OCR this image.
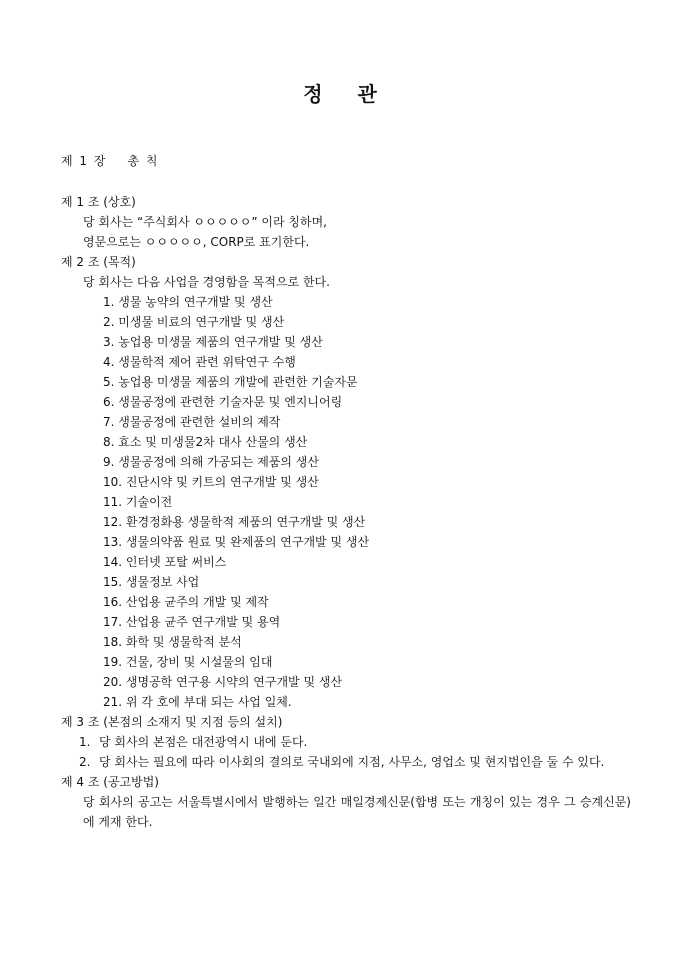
정 관
제 1 장 총 칙
제 1 조 (상호)
당 회사는 “주식회사 ㅇㅇㅇㅇㅇ” 이라 칭하며,
영문으로는 ㅇㅇㅇㅇㅇ, CORP로 표기한다.
제 2 조 (목적)
당 회사는 다음 사업을 경영함을 목적으로 한다.
1. 생물 농약의 연구개발 및 생산
2. 미생물 비료의 연구개발 및 생산
3. 농업용 미생물 제품의 연구개발 및 생산
4. 생물학적 제어 관련 위탁연구 수행
5. 농업용 미생물 제품의 개발에 관련한 기술자문
6. 생물공정에 관련한 기술자문 및 엔지니어링
7. 생물공정에 관련한 설비의 제작
8. 효소 및 미생물2차 대사 산물의 생산
9. 생물공정에 의해 가공되는 제품의 생산
10. 진단시약 및 키트의 연구개발 및 생산
11. 기술이전
12. 환경정화용 생물학적 제품의 연구개발 및 생산
13. 생물의약품 원료 및 완제품의 연구개발 및 생산
14. 인터넷 포탈 써비스
15. 생물정보 사업
16. 산업용 균주의 개발 및 제작
17. 산업용 균주 연구개발 및 용역
18. 화학 및 생물학적 분석
19. 건물, 장비 및 시설물의 임대
20. 생명공학 연구용 시약의 연구개발 및 생산
21. 위 각 호에 부대 되는 사업 일체.
제 3 조 (본점의 소재지 및 지점 등의 설치)
1. 당 회사의 본점은 대전광역시 내에 둔다.
2. 당 회사는 필요에 따라 이사회의 결의로 국내외에 지점, 사무소, 영업소 및 현지법인을 둘 수 있다.
제 4 조 (공고방법)
당 회사의 공고는 서울특별시에서 발행하는 일간 매일경제신문(합병 또는 개칭이 있는 경우 그 승계신문)에 게재 한다.
